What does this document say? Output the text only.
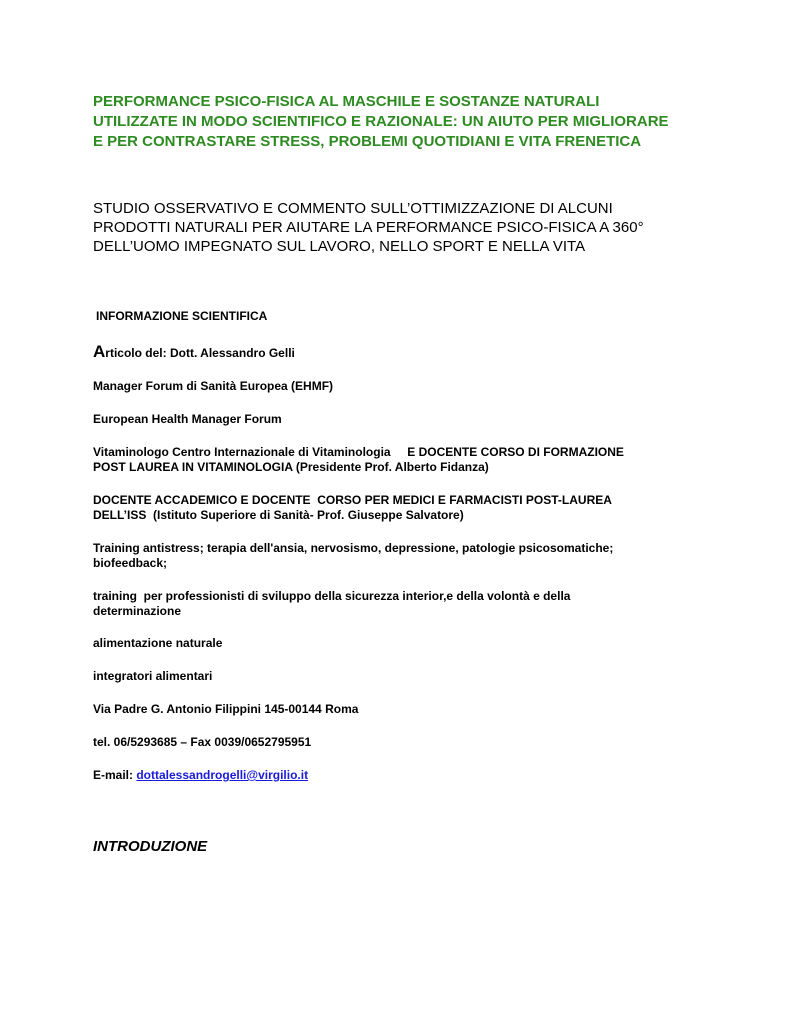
PERFORMANCE PSICO-FISICA AL MASCHILE E SOSTANZE NATURALI
UTILIZZATE IN MODO SCIENTIFICO E RAZIONALE: UN AIUTO PER MIGLIORARE
E PER CONTRASTARE STRESS, PROBLEMI QUOTIDIANI E VITA FRENETICA
STUDIO OSSERVATIVO E COMMENTO SULL’OTTIMIZZAZIONE DI ALCUNI
PRODOTTI NATURALI PER AIUTARE LA PERFORMANCE PSICO-FISICA A 360°
DELL’UOMO IMPEGNATO SUL LAVORO, NELLO SPORT E NELLA VITA
INFORMAZIONE SCIENTIFICA
Articolo del: Dott. Alessandro Gelli
Manager Forum di Sanità Europea (EHMF)
European Health Manager Forum
Vitaminologo Centro Internazionale di Vitaminologia     E DOCENTE CORSO DI FORMAZIONE
POST LAUREA IN VITAMINOLOGIA (Presidente Prof. Alberto Fidanza)
DOCENTE ACCADEMICO E DOCENTE  CORSO PER MEDICI E FARMACISTI POST-LAUREA
DELL’ISS  (Istituto Superiore di Sanità- Prof. Giuseppe Salvatore)
Training antistress; terapia dell'ansia, nervosismo, depressione, patologie psicosomatiche;
biofeedback;
training  per professionisti di sviluppo della sicurezza interior,e della volontà e della
determinazione
alimentazione naturale
integratori alimentari
Via Padre G. Antonio Filippini 145-00144 Roma
tel. 06/5293685 – Fax 0039/0652795951
E-mail: dottalessandrogelli@virgilio.it
INTRODUZIONE
